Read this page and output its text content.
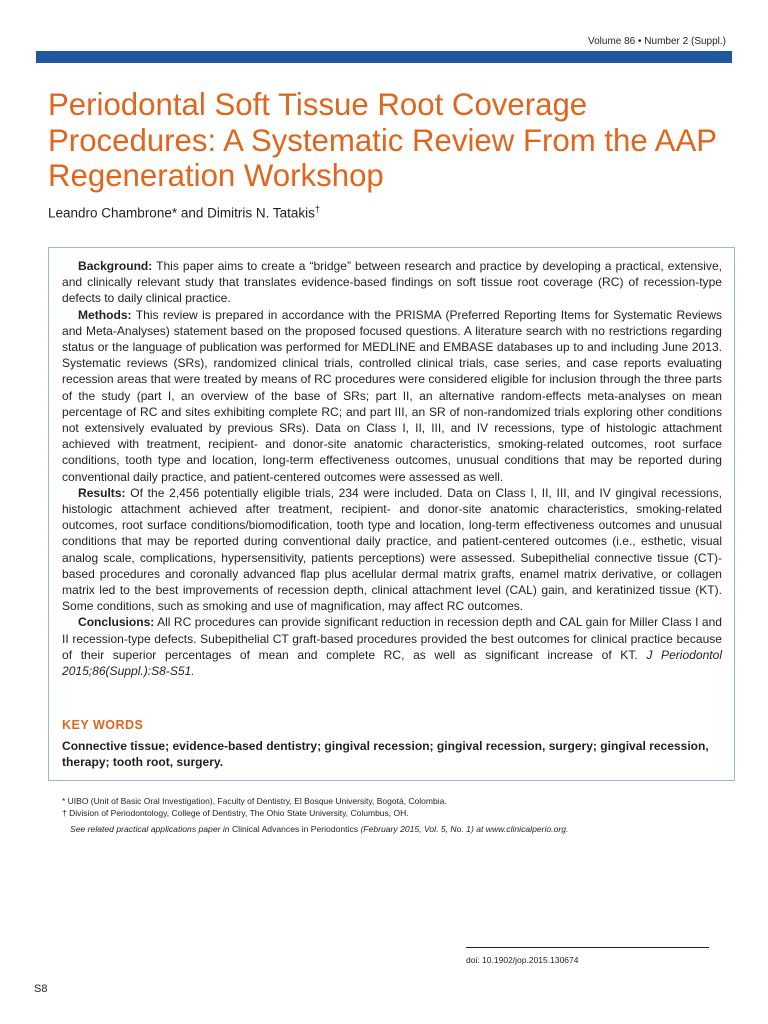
Volume 86 • Number 2 (Suppl.)
Periodontal Soft Tissue Root Coverage Procedures: A Systematic Review From the AAP Regeneration Workshop
Leandro Chambrone* and Dimitris N. Tatakis†

Background: This paper aims to create a “bridge” between research and practice by developing a practical, extensive, and clinically relevant study that translates evidence-based findings on soft tissue root coverage (RC) of recession-type defects to daily clinical practice.

Methods: This review is prepared in accordance with the PRISMA (Preferred Reporting Items for Systematic Reviews and Meta-Analyses) statement based on the proposed focused questions. A literature search with no restrictions regarding status or the language of publication was performed for MEDLINE and EMBASE databases up to and including June 2013. Systematic reviews (SRs), randomized clinical trials, controlled clinical trials, case series, and case reports evaluating recession areas that were treated by means of RC procedures were considered eligible for inclusion through the three parts of the study (part I, an overview of the base of SRs; part II, an alternative random-effects meta-analyses on mean percentage of RC and sites exhibiting complete RC; and part III, an SR of non-randomized trials exploring other conditions not extensively evaluated by previous SRs). Data on Class I, II, III, and IV recessions, type of histologic attachment achieved with treatment, recipient- and donor-site anatomic characteristics, smoking-related outcomes, root surface conditions, tooth type and location, long-term effectiveness outcomes, unusual conditions that may be reported during conventional daily practice, and patient-centered outcomes were assessed as well.

Results: Of the 2,456 potentially eligible trials, 234 were included. Data on Class I, II, III, and IV gingival recessions, histologic attachment achieved after treatment, recipient- and donor-site anatomic characteristics, smoking-related outcomes, root surface conditions/biomodification, tooth type and location, long-term effectiveness outcomes and unusual conditions that may be reported during conventional daily practice, and patient-centered outcomes (i.e., esthetic, visual analog scale, complications, hypersensitivity, patients perceptions) were assessed. Subepithelial connective tissue (CT)-based procedures and coronally advanced flap plus acellular dermal matrix grafts, enamel matrix derivative, or collagen matrix led to the best improvements of recession depth, clinical attachment level (CAL) gain, and keratinized tissue (KT). Some conditions, such as smoking and use of magnification, may affect RC outcomes.

Conclusions: All RC procedures can provide significant reduction in recession depth and CAL gain for Miller Class I and II recession-type defects. Subepithelial CT graft-based procedures provided the best outcomes for clinical practice because of their superior percentages of mean and complete RC, as well as significant increase of KT. J Periodontol 2015;86(Suppl.):S8-S51.

KEY WORDS
Connective tissue; evidence-based dentistry; gingival recession; gingival recession, surgery; gingival recession, therapy; tooth root, surgery.
* UIBO (Unit of Basic Oral Investigation), Faculty of Dentistry, El Bosque University, Bogotá, Colombia.
† Division of Periodontology, College of Dentistry, The Ohio State University, Columbus, OH.
See related practical applications paper in Clinical Advances in Periodontics (February 2015, Vol. 5, No. 1) at www.clinicalperio.org.
doi: 10.1902/jop.2015.130674
S8
